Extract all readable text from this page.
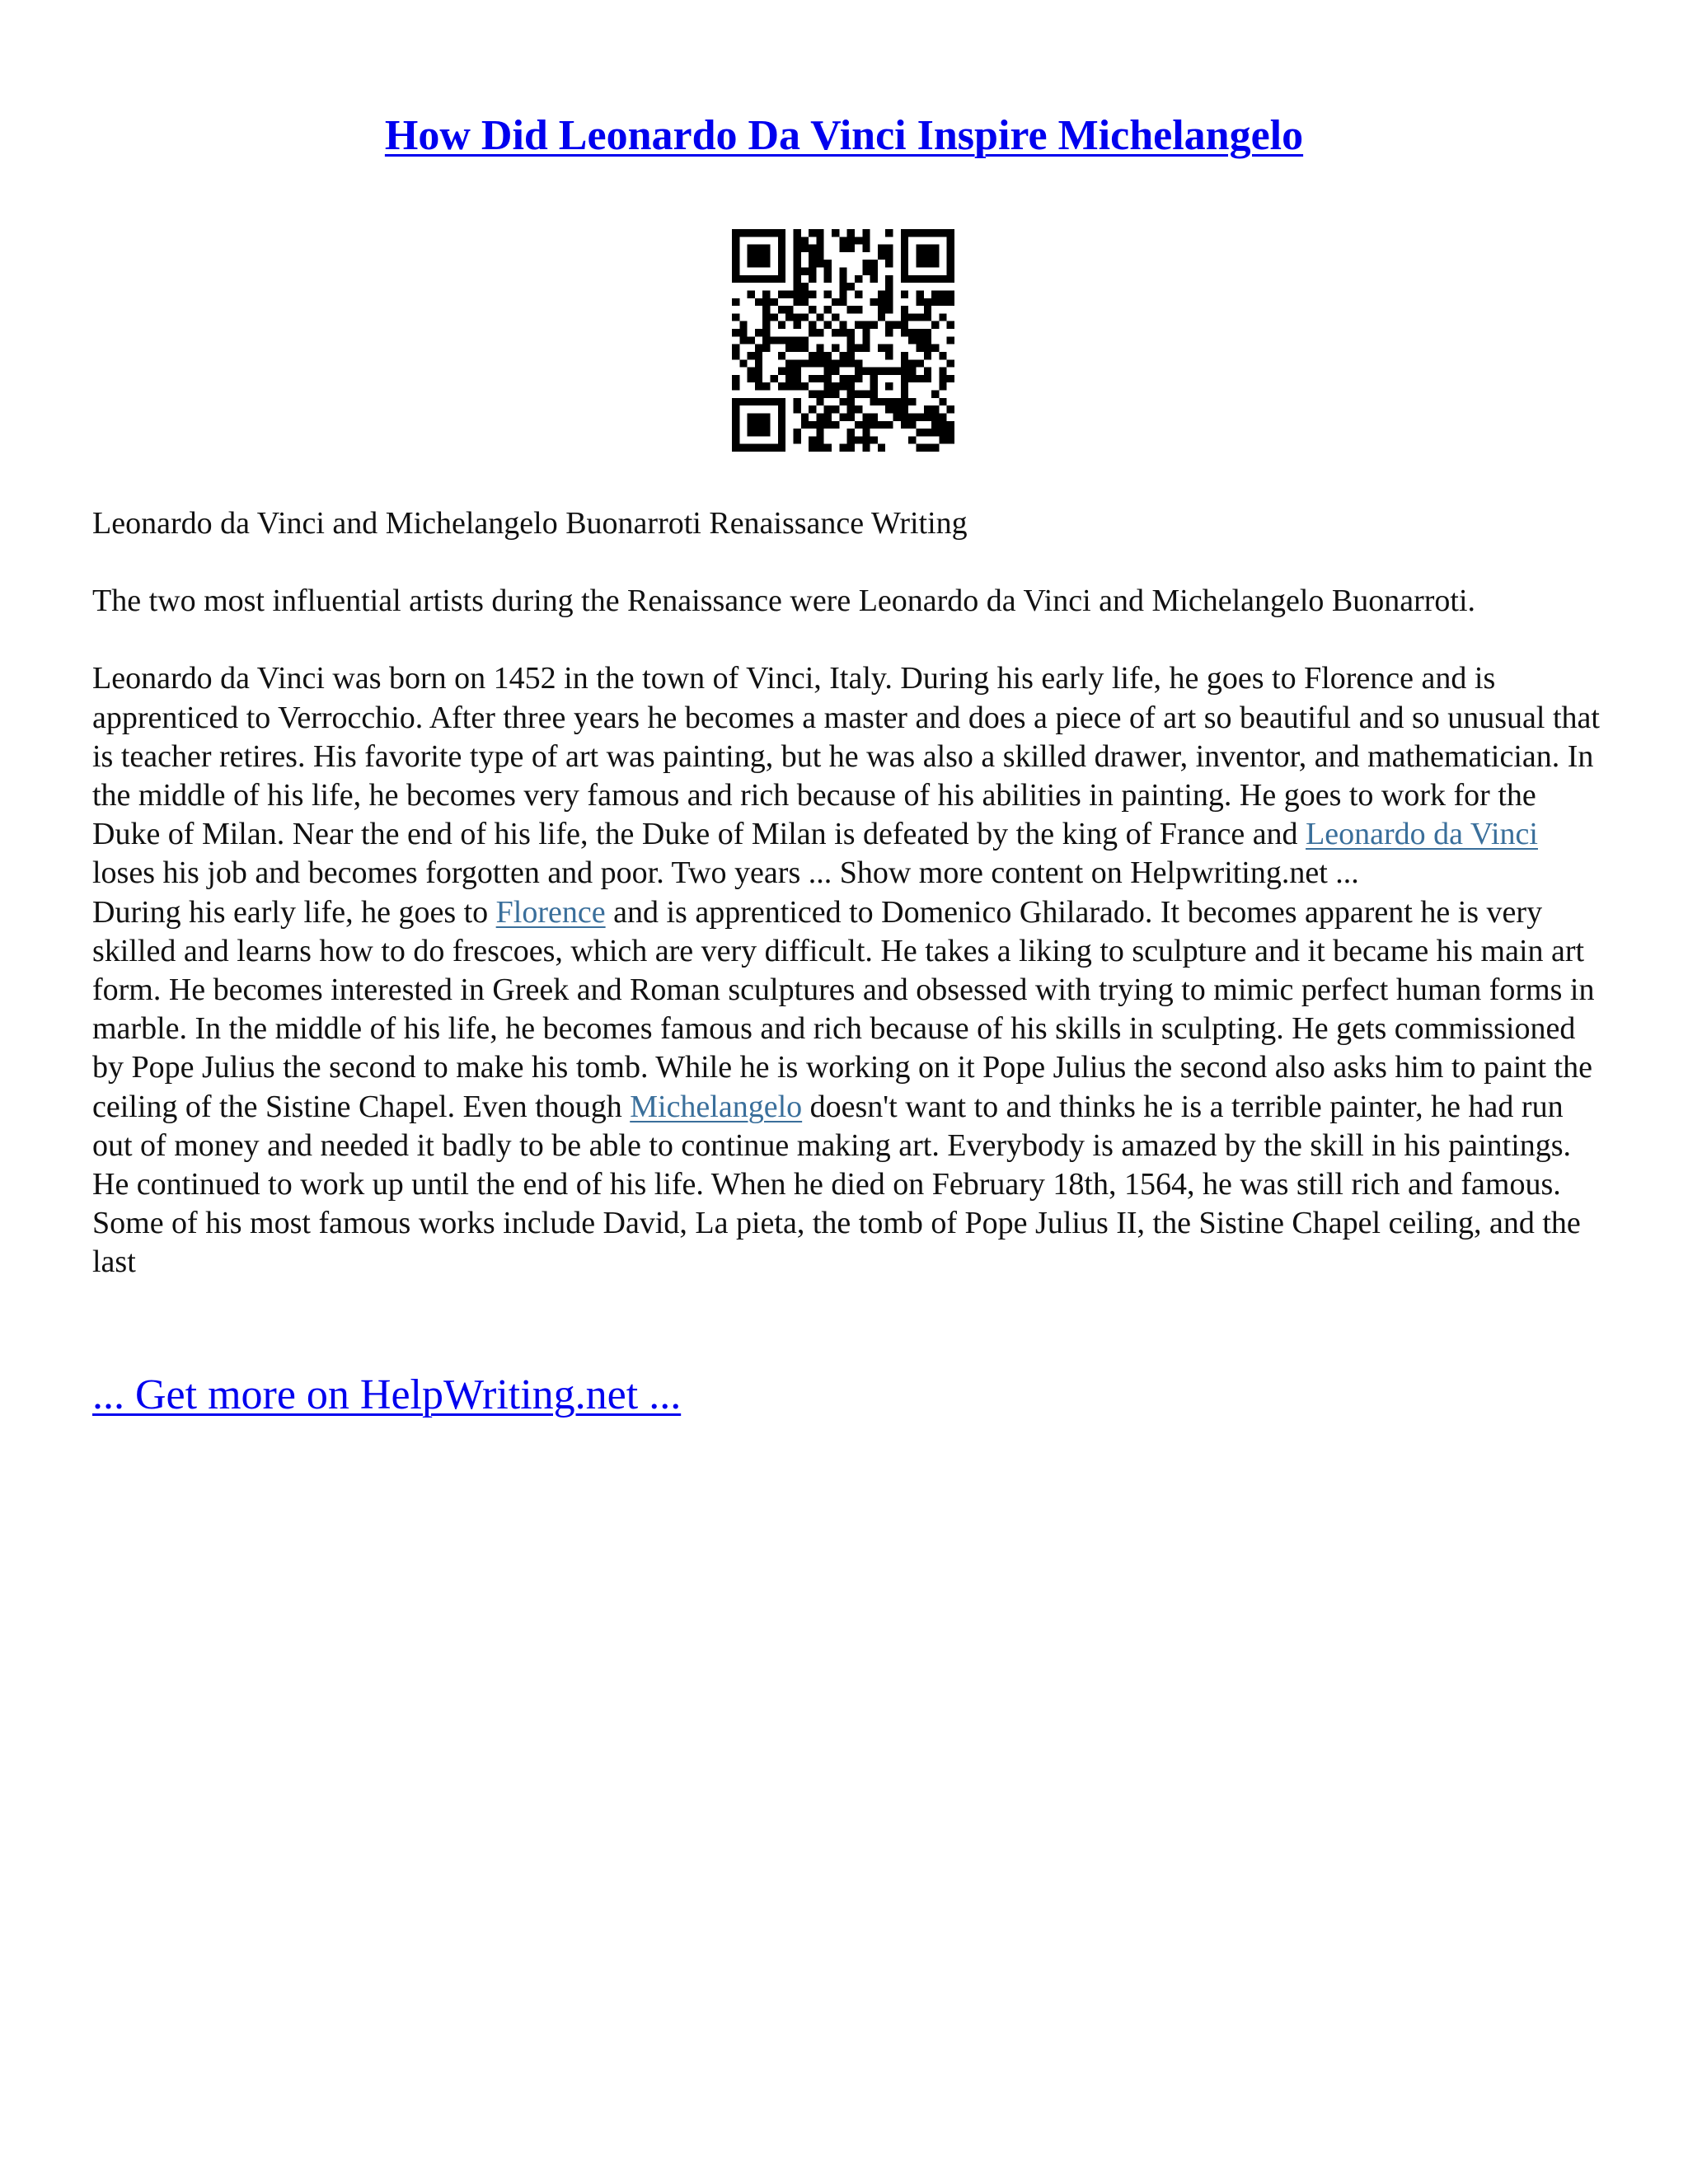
How Did Leonardo Da Vinci Inspire Michelangelo

Leonardo da Vinci and Michelangelo Buonarroti Renaissance Writing

The two most influential artists during the Renaissance were Leonardo da Vinci and Michelangelo Buonarroti.

Leonardo da Vinci was born on 1452 in the town of Vinci, Italy. During his early life, he goes to Florence and is apprenticed to Verrocchio. After three years he becomes a master and does a piece of art so beautiful and so unusual that is teacher retires. His favorite type of art was painting, but he was also a skilled drawer, inventor, and mathematician. In the middle of his life, he becomes very famous and rich because of his abilities in painting. He goes to work for the Duke of Milan. Near the end of his life, the Duke of Milan is defeated by the king of France and Leonardo da Vinci loses his job and becomes forgotten and poor. Two years ... Show more content on Helpwriting.net ...

During his early life, he goes to Florence and is apprenticed to Domenico Ghilarado. It becomes apparent he is very skilled and learns how to do frescoes, which are very difficult. He takes a liking to sculpture and it became his main art form. He becomes interested in Greek and Roman sculptures and obsessed with trying to mimic perfect human forms in marble. In the middle of his life, he becomes famous and rich because of his skills in sculpting. He gets commissioned by Pope Julius the second to make his tomb. While he is working on it Pope Julius the second also asks him to paint the ceiling of the Sistine Chapel. Even though Michelangelo doesn't want to and thinks he is a terrible painter, he had run out of money and needed it badly to be able to continue making art. Everybody is amazed by the skill in his paintings. He continued to work up until the end of his life. When he died on February 18th, 1564, he was still rich and famous. Some of his most famous works include David, La pieta, the tomb of Pope Julius II, the Sistine Chapel ceiling, and the last

... Get more on HelpWriting.net ...
